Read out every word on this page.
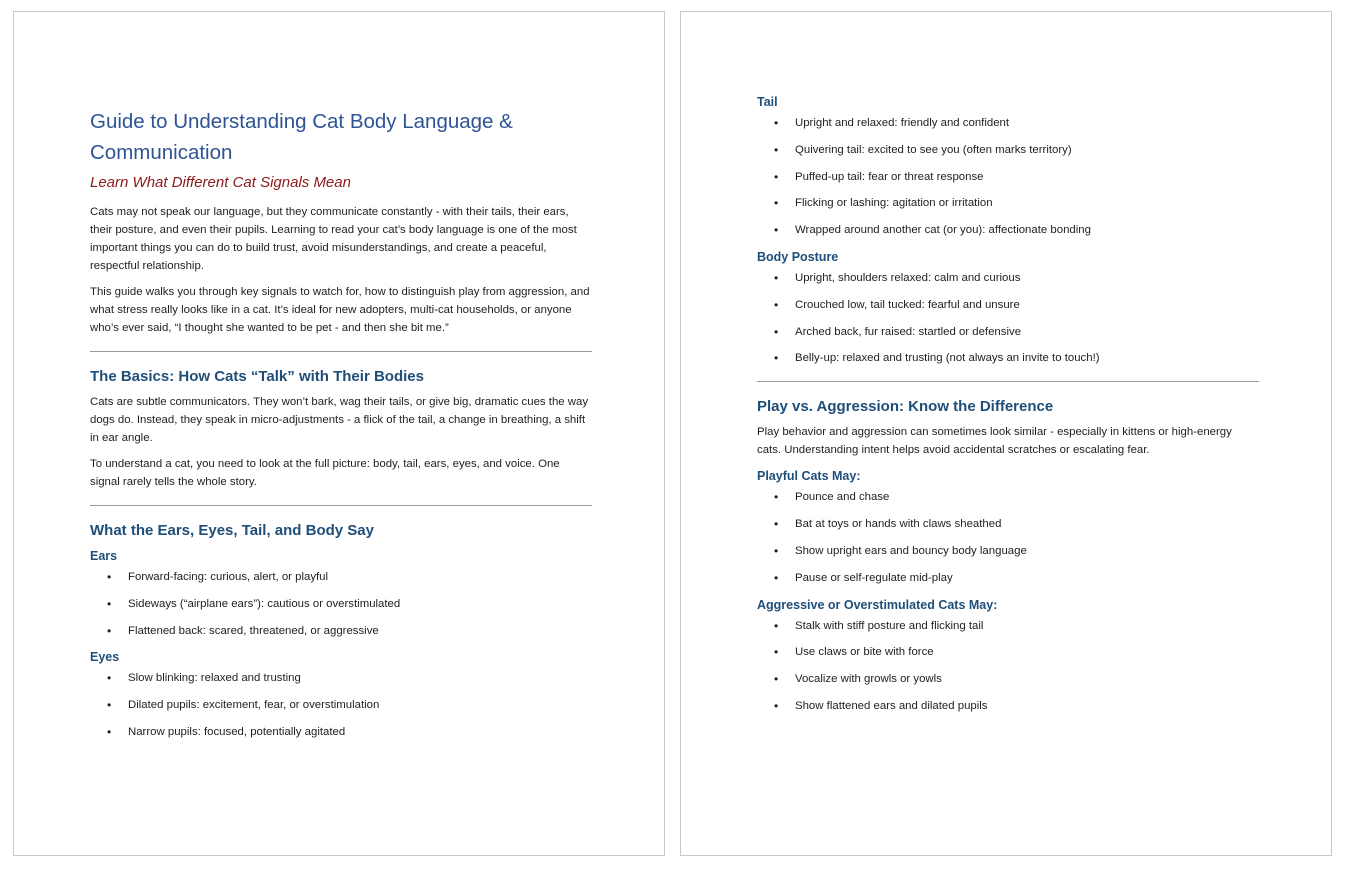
Guide to Understanding Cat Body Language & Communication
Learn What Different Cat Signals Mean

Cats may not speak our language, but they communicate constantly - with their tails, their ears, their posture, and even their pupils. Learning to read your cat’s body language is one of the most important things you can do to build trust, avoid misunderstandings, and create a peaceful, respectful relationship.

This guide walks you through key signals to watch for, how to distinguish play from aggression, and what stress really looks like in a cat. It’s ideal for new adopters, multi-cat households, or anyone who’s ever said, “I thought she wanted to be pet - and then she bit me.”

The Basics: How Cats “Talk” with Their Bodies

Cats are subtle communicators. They won’t bark, wag their tails, or give big, dramatic cues the way dogs do. Instead, they speak in micro-adjustments - a flick of the tail, a change in breathing, a shift in ear angle.

To understand a cat, you need to look at the full picture: body, tail, ears, eyes, and voice. One signal rarely tells the whole story.

What the Ears, Eyes, Tail, and Body Say
Ears
• Forward-facing: curious, alert, or playful
• Sideways (“airplane ears”): cautious or overstimulated
• Flattened back: scared, threatened, or aggressive
Eyes
• Slow blinking: relaxed and trusting
• Dilated pupils: excitement, fear, or overstimulation
• Narrow pupils: focused, potentially agitated
Tail
• Upright and relaxed: friendly and confident
• Quivering tail: excited to see you (often marks territory)
• Puffed-up tail: fear or threat response
• Flicking or lashing: agitation or irritation
• Wrapped around another cat (or you): affectionate bonding
Body Posture
• Upright, shoulders relaxed: calm and curious
• Crouched low, tail tucked: fearful and unsure
• Arched back, fur raised: startled or defensive
• Belly-up: relaxed and trusting (not always an invite to touch!)
Play vs. Aggression: Know the Difference

Play behavior and aggression can sometimes look similar - especially in kittens or high-energy cats. Understanding intent helps avoid accidental scratches or escalating fear.

Playful Cats May:
• Pounce and chase
• Bat at toys or hands with claws sheathed
• Show upright ears and bouncy body language
• Pause or self-regulate mid-play
Aggressive or Overstimulated Cats May:
• Stalk with stiff posture and flicking tail
• Use claws or bite with force
• Vocalize with growls or yowls
• Show flattened ears and dilated pupils
